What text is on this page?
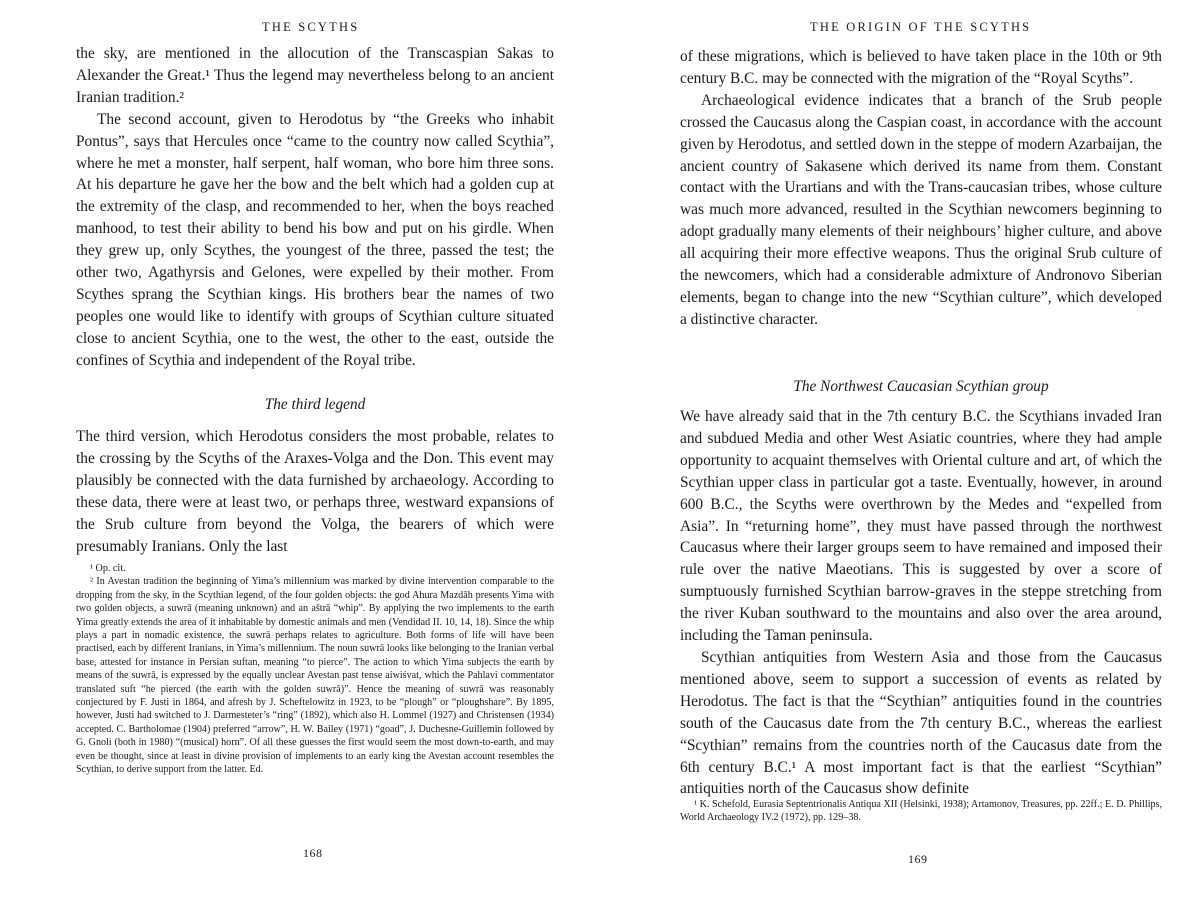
THE SCYTHS

the sky, are mentioned in the allocution of the Transcaspian Sakas to Alexander the Great.¹ Thus the legend may nevertheless belong to an ancient Iranian tradition.²

The second account, given to Herodotus by “the Greeks who inhabit Pontus”, says that Hercules once “came to the country now called Scythia”, where he met a monster, half serpent, half woman, who bore him three sons. At his departure he gave her the bow and the belt which had a golden cup at the extremity of the clasp, and recommended to her, when the boys reached manhood, to test their ability to bend his bow and put on his girdle. When they grew up, only Scythes, the youngest of the three, passed the test; the other two, Agathyrsis and Gelones, were expelled by their mother. From Scythes sprang the Scythian kings. His brothers bear the names of two peoples one would like to identify with groups of Scythian culture situated close to ancient Scythia, one to the west, the other to the east, outside the confines of Scythia and independent of the Royal tribe.

The third legend

The third version, which Herodotus considers the most probable, relates to the crossing by the Scyths of the Araxes-Volga and the Don. This event may plausibly be connected with the data furnished by archaeology. According to these data, there were at least two, or perhaps three, westward expansions of the Srub culture from beyond the Volga, the bearers of which were presumably Iranians. Only the last

¹ Op. cit.

² In Avestan tradition the beginning of Yima’s millennium was marked by divine intervention comparable to the dropping from the sky, in the Scythian legend, of the four golden objects: the god Ahura Mazdāh presents Yima with two golden objects, a suwrā (meaning unknown) and an aštrā “whip”. By applying the two implements to the earth Yima greatly extends the area of it inhabitable by domestic animals and men (Vendidad II. 10, 14, 18). Since the whip plays a part in nomadic existence, the suwrā perhaps relates to agriculture. Both forms of life will have been practised, each by different Iranians, in Yima’s millennium. The noun suwrā looks like belonging to the Iranian verbal base, attested for instance in Persian suftan, meaning “to pierce”. The action to which Yima subjects the earth by means of the suwrā, is expressed by the equally unclear Avestan past tense aiwiśvat, which the Pahlavi commentator translated suft “he pierced (the earth with the golden suwrā)”. Hence the meaning of suwrā was reasonably conjectured by F. Justi in 1864, and afresh by J. Scheftelowitz in 1923, to be “plough” or “ploughshare”. By 1895, however, Justi had switched to J. Darmesteter’s “ring” (1892), which also H. Lommel (1927) and Christensen (1934) accepted. C. Bartholomae (1904) preferred “arrow”, H. W. Bailey (1971) “goad”, J. Duchesne-Guillemin followed by G. Gnoli (both in 1980) “(musical) horn”. Of all these guesses the first would seem the most down-to-earth, and may even be thought, since at least in divine provision of implements to an early king the Avestan account resembles the Scythian, to derive support from the latter. Ed.

168
THE ORIGIN OF THE SCYTHS

of these migrations, which is believed to have taken place in the 10th or 9th century B.C. may be connected with the migration of the “Royal Scyths”.

Archaeological evidence indicates that a branch of the Srub people crossed the Caucasus along the Caspian coast, in accordance with the account given by Herodotus, and settled down in the steppe of modern Azarbaijan, the ancient country of Sakasene which derived its name from them. Constant contact with the Urartians and with the Trans-caucasian tribes, whose culture was much more advanced, resulted in the Scythian newcomers beginning to adopt gradually many elements of their neighbours’ higher culture, and above all acquiring their more effective weapons. Thus the original Srub culture of the newcomers, which had a considerable admixture of Andronovo Siberian elements, began to change into the new “Scythian culture”, which developed a distinctive character.

The Northwest Caucasian Scythian group

We have already said that in the 7th century B.C. the Scythians invaded Iran and subdued Media and other West Asiatic countries, where they had ample opportunity to acquaint themselves with Oriental culture and art, of which the Scythian upper class in particular got a taste. Eventually, however, in around 600 B.C., the Scyths were overthrown by the Medes and “expelled from Asia”. In “returning home”, they must have passed through the northwest Caucasus where their larger groups seem to have remained and imposed their rule over the native Maeotians. This is suggested by over a score of sumptuously furnished Scythian barrow-graves in the steppe stretching from the river Kuban southward to the mountains and also over the area around, including the Taman peninsula.

Scythian antiquities from Western Asia and those from the Caucasus mentioned above, seem to support a succession of events as related by Herodotus. The fact is that the “Scythian” antiquities found in the countries south of the Caucasus date from the 7th century B.C., whereas the earliest “Scythian” remains from the countries north of the Caucasus date from the 6th century B.C.¹ A most important fact is that the earliest “Scythian” antiquities north of the Caucasus show definite

¹ K. Schefold, Eurasia Septentrionalis Antiqua XII (Helsinki, 1938); Artamonov, Treasures, pp. 22ff.; E. D. Phillips, World Archaeology IV.2 (1972), pp. 129–38.

169
